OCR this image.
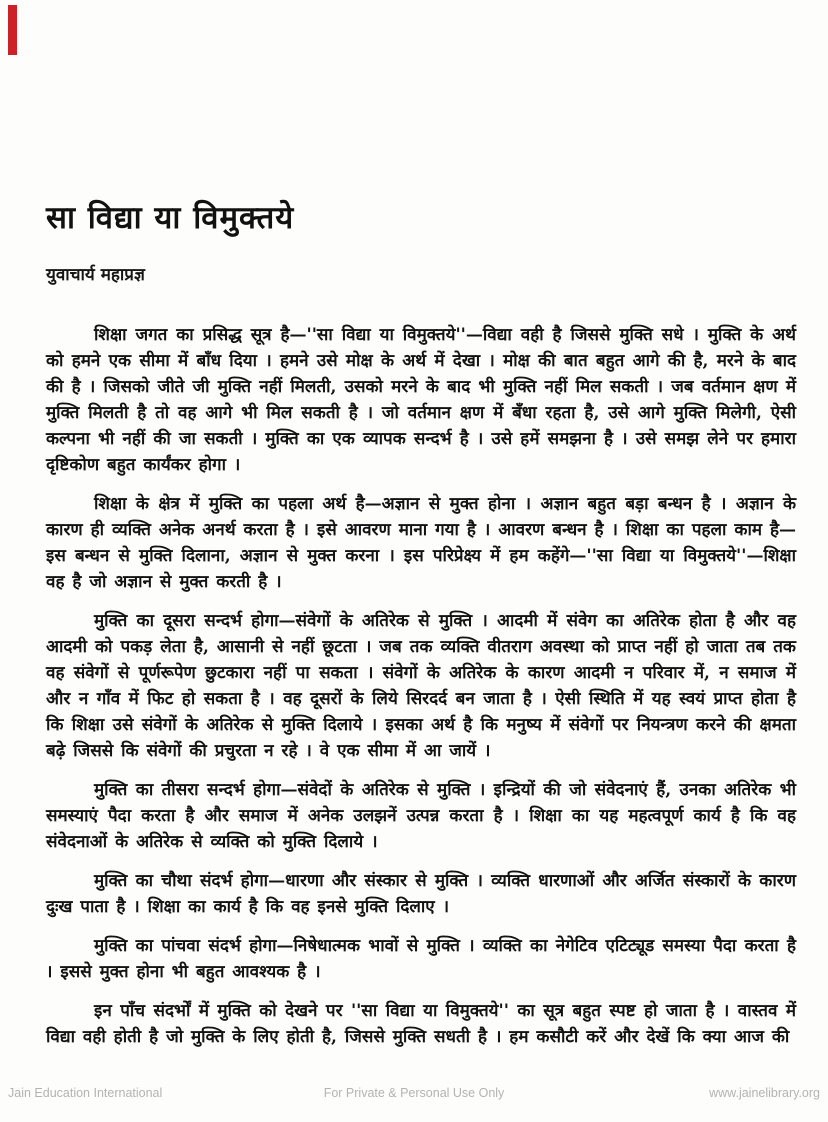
सा विद्या या विमुक्तये
युवाचार्य महाप्रज्ञ

शिक्षा जगत का प्रसिद्ध सूत्र है—''सा विद्या या विमुक्तये''—विद्या वही है जिससे मुक्ति सधे । मुक्ति के अर्थ को हमने एक सीमा में बाँध दिया । हमने उसे मोक्ष के अर्थ में देखा । मोक्ष की बात बहुत आगे की है, मरने के बाद की है । जिसको जीते जी मुक्ति नहीं मिलती, उसको मरने के बाद भी मुक्ति नहीं मिल सकती । जब वर्तमान क्षण में मुक्ति मिलती है तो वह आगे भी मिल सकती है । जो वर्तमान क्षण में बँधा रहता है, उसे आगे मुक्ति मिलेगी, ऐसी कल्पना भी नहीं की जा सकती । मुक्ति का एक व्यापक सन्दर्भ है । उसे हमें समझना है । उसे समझ लेने पर हमारा दृष्टिकोण बहुत कार्यंकर होगा ।

शिक्षा के क्षेत्र में मुक्ति का पहला अर्थ है—अज्ञान से मुक्त होना । अज्ञान बहुत बड़ा बन्धन है । अज्ञान के कारण ही व्यक्ति अनेक अनर्थ करता है । इसे आवरण माना गया है । आवरण बन्धन है । शिक्षा का पहला काम है—इस बन्धन से मुक्ति दिलाना, अज्ञान से मुक्त करना । इस परिप्रेक्ष्य में हम कहेंगे—''सा विद्या या विमुक्तये''—शिक्षा वह है जो अज्ञान से मुक्त करती है ।

मुक्ति का दूसरा सन्दर्भ होगा—संवेगों के अतिरेक से मुक्ति । आदमी में संवेग का अतिरेक होता है और वह आदमी को पकड़ लेता है, आसानी से नहीं छूटता । जब तक व्यक्ति वीतराग अवस्था को प्राप्त नहीं हो जाता तब तक वह संवेगों से पूर्णरूपेण छुटकारा नहीं पा सकता । संवेगों के अतिरेक के कारण आदमी न परिवार में, न समाज में और न गाँव में फिट हो सकता है । वह दूसरों के लिये सिरदर्द बन जाता है । ऐसी स्थिति में यह स्वयं प्राप्त होता है कि शिक्षा उसे संवेगों के अतिरेक से मुक्ति दिलाये । इसका अर्थ है कि मनुष्य में संवेगों पर नियन्त्रण करने की क्षमता बढ़े जिससे कि संवेगों की प्रचुरता न रहे । वे एक सीमा में आ जायें ।

मुक्ति का तीसरा सन्दर्भ होगा—संवेदों के अतिरेक से मुक्ति । इन्द्रियों की जो संवेदनाएं हैं, उनका अतिरेक भी समस्याएं पैदा करता है और समाज में अनेक उलझनें उत्पन्न करता है । शिक्षा का यह महत्वपूर्ण कार्य है कि वह संवेदनाओं के अतिरेक से व्यक्ति को मुक्ति दिलाये ।

मुक्ति का चौथा संदर्भ होगा—धारणा और संस्कार से मुक्ति । व्यक्ति धारणाओं और अर्जित संस्कारों के कारण दुःख पाता है । शिक्षा का कार्य है कि वह इनसे मुक्ति दिलाए ।

मुक्ति का पांचवा संदर्भ होगा—निषेधात्मक भावों से मुक्ति । व्यक्ति का नेगेटिव एटिट्यूड समस्या पैदा करता है । इससे मुक्त होना भी बहुत आवश्यक है ।

इन पाँच संदर्भों में मुक्ति को देखने पर ''सा विद्या या विमुक्तये'' का सूत्र बहुत स्पष्ट हो जाता है । वास्तव में विद्या वही होती है जो मुक्ति के लिए होती है, जिससे मुक्ति सधती है । हम कसौटी करें और देखें कि क्या आज की

Jain Education International	For Private & Personal Use Only	www.jainelibrary.org
